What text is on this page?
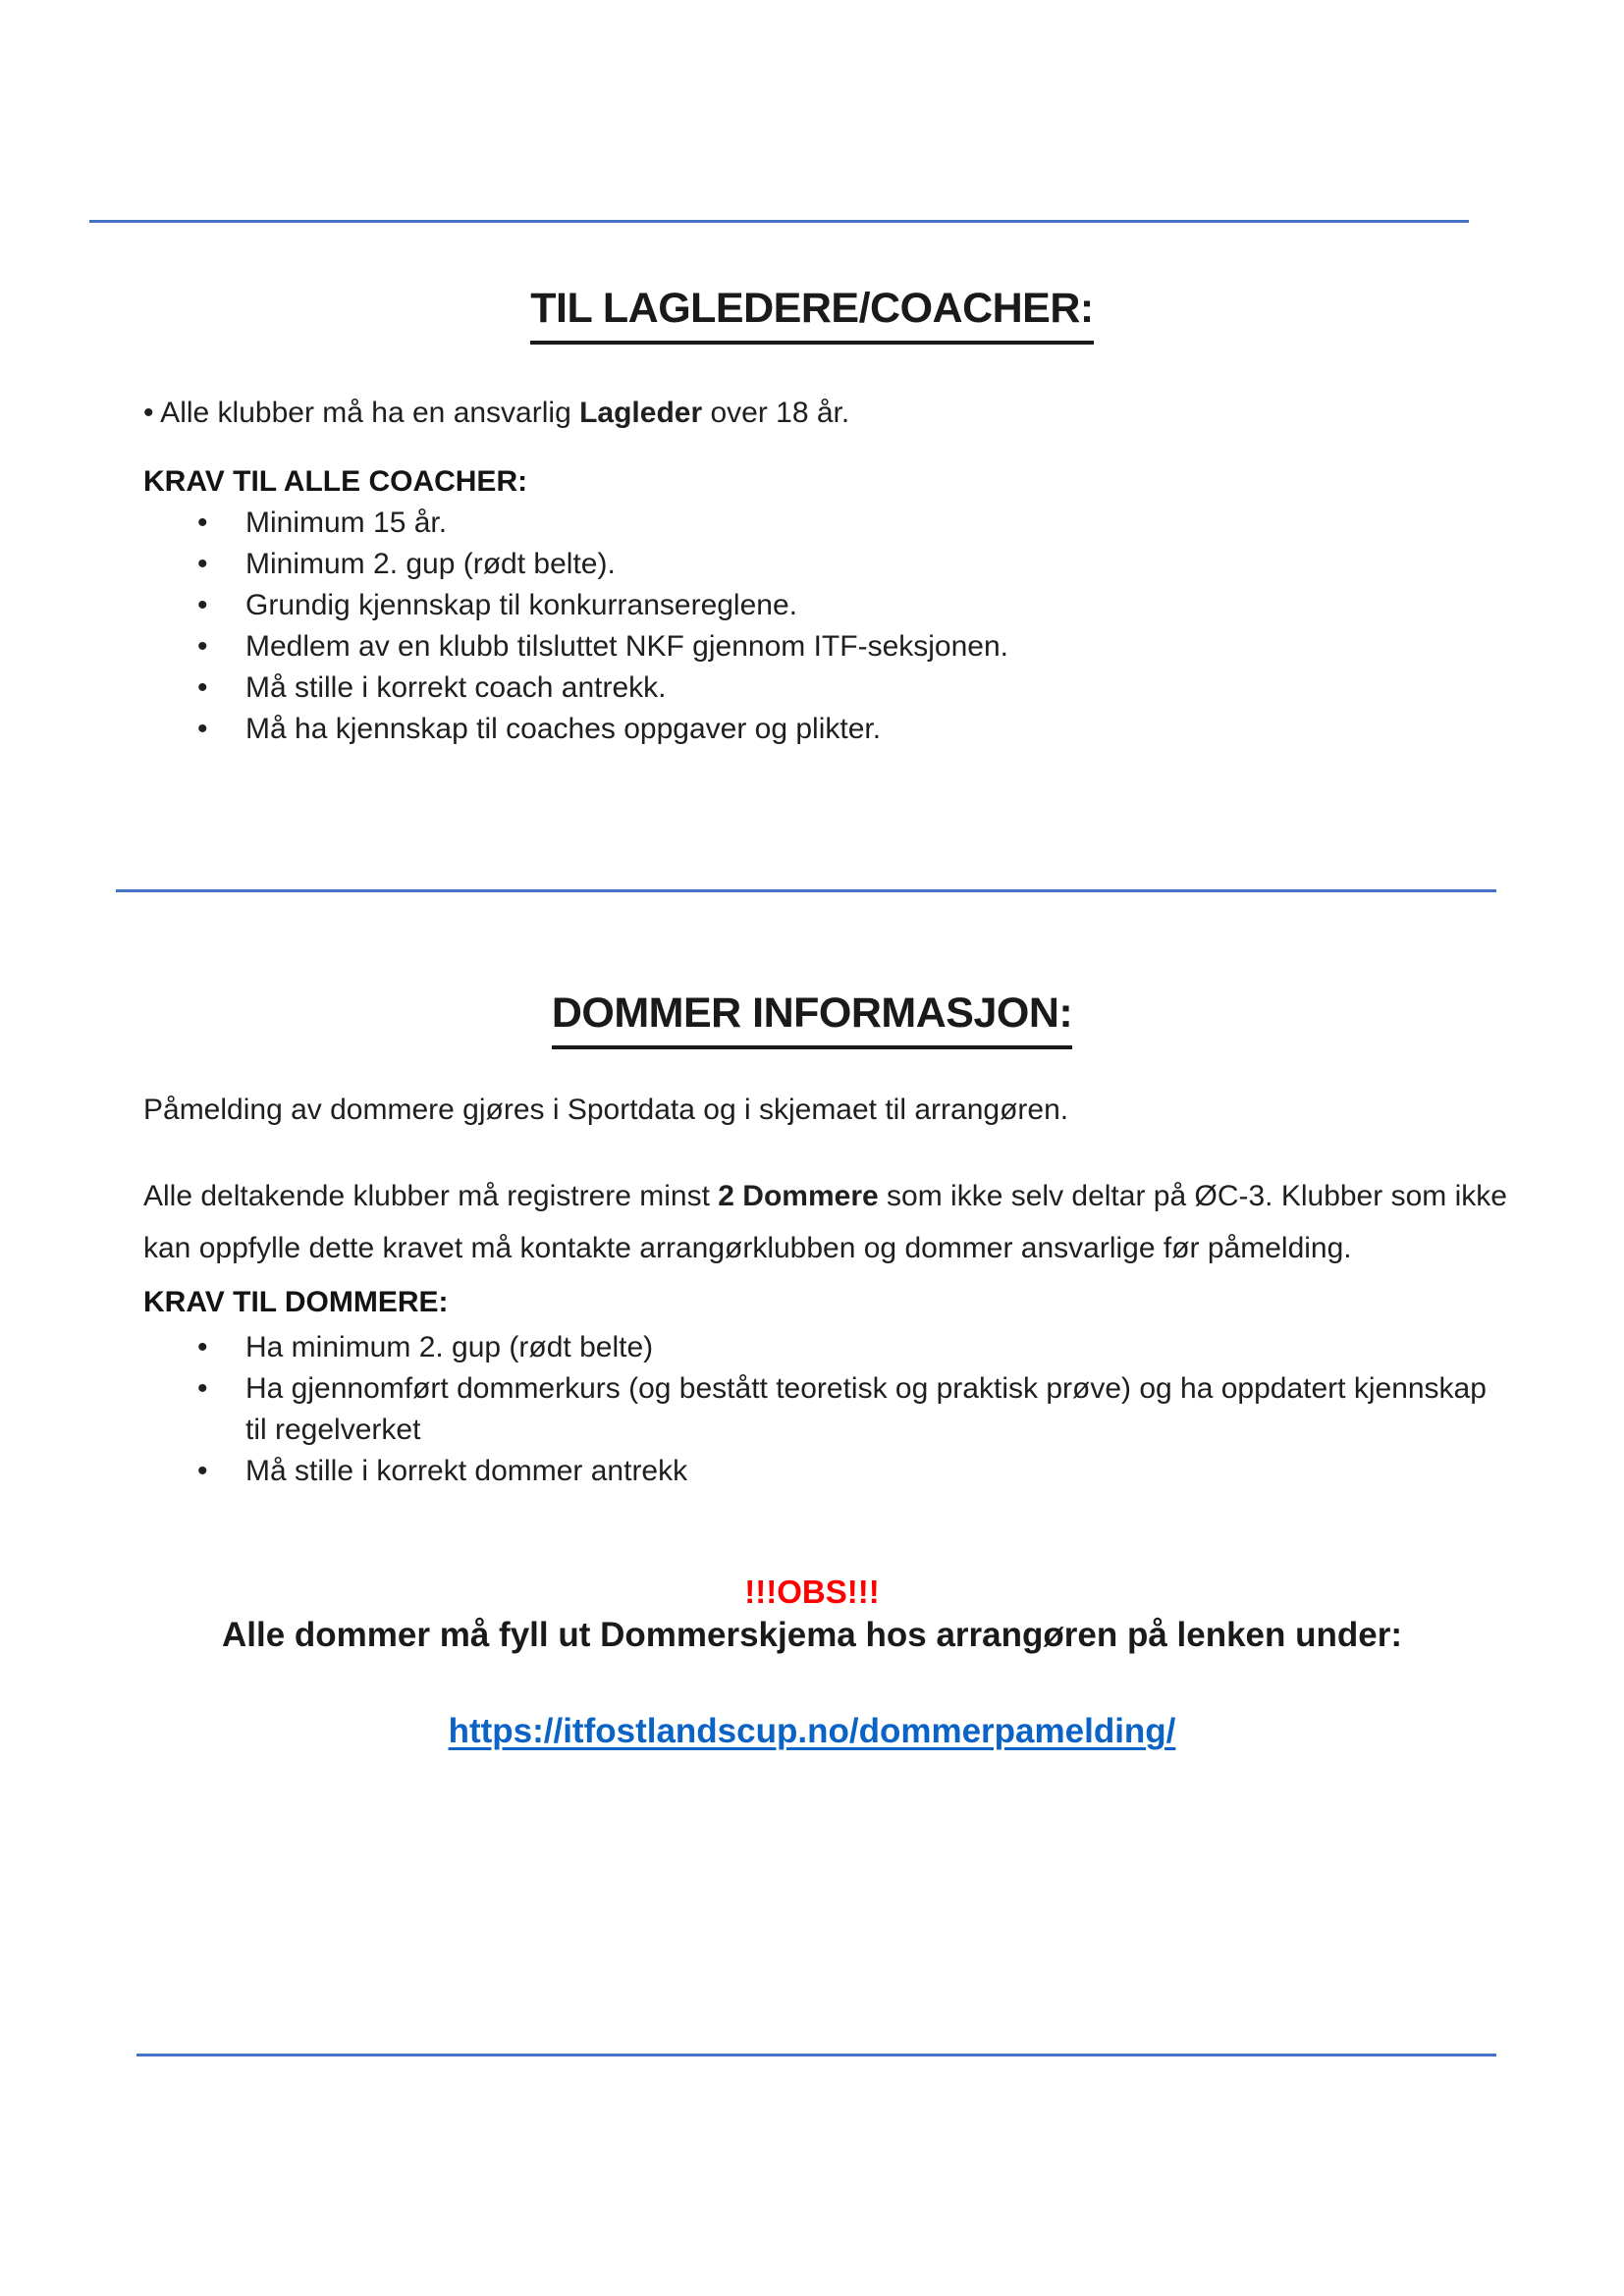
TIL LAGLEDERE/COACHER:
• Alle klubber må ha en ansvarlig Lagleder over 18 år.
KRAV TIL ALLE COACHER:
• Minimum 15 år.
• Minimum 2. gup (rødt belte).
• Grundig kjennskap til konkurransereglene.
• Medlem av en klubb tilsluttet NKF gjennom ITF-seksjonen.
• Må stille i korrekt coach antrekk.
• Må ha kjennskap til coaches oppgaver og plikter.
DOMMER INFORMASJON:
Påmelding av dommere gjøres i Sportdata og i skjemaet til arrangøren.
Alle deltakende klubber må registrere minst 2 Dommere som ikke selv deltar på ØC-3. Klubber som ikke kan oppfylle dette kravet må kontakte arrangørklubben og dommer ansvarlige før påmelding.
KRAV TIL DOMMERE:
• Ha minimum 2. gup (rødt belte)
• Ha gjennomført dommerkurs (og bestått teoretisk og praktisk prøve) og ha oppdatert kjennskap til regelverket
• Må stille i korrekt dommer antrekk
!!!OBS!!!
Alle dommer må fyll ut Dommerskjema hos arrangøren på lenken under:
https://itfostlandscup.no/dommerpamelding/
